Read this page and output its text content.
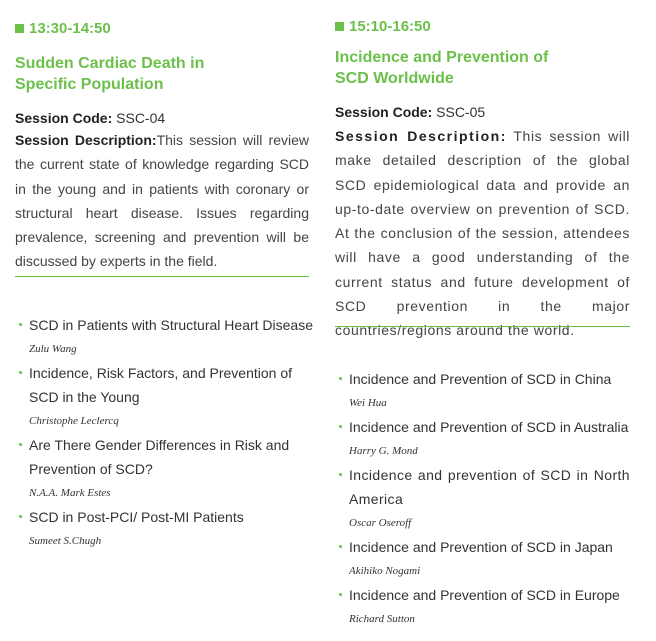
13:30-14:50
Sudden Cardiac Death in
Specific Population
Session Code: SSC-04

Session Description:This session will review the current state of knowledge regarding SCD in the young and in patients with coronary or structural heart disease. Issues regarding prevalence, screening and prevention will be discussed by experts in the field.

SCD in Patients with Structural Heart Disease
Zulu Wang
Incidence, Risk Factors, and Prevention of SCD in the Young
Christophe Leclercq
Are There Gender Differences in Risk and Prevention of SCD?
N.A.A. Mark Estes
SCD in Post-PCI/ Post-MI Patients
Sumeet S.Chugh
15:10-16:50
Incidence and Prevention of
SCD Worldwide
Session Code: SSC-05

Session Description: This session will make detailed description of the global SCD epidemiological data and provide an up-to-date overview on prevention of SCD. At the conclusion of the session, attendees will have a good understanding of the current status and future development of SCD prevention in the major countries/regions around the world.

Incidence and Prevention of SCD in China
Wei Hua
Incidence and Prevention of SCD in Australia
Harry G. Mond
Incidence and prevention of SCD in North America
Oscar Oseroff
Incidence and Prevention of SCD in Japan
Akihiko Nogami
Incidence and Prevention of SCD in Europe
Richard Sutton
